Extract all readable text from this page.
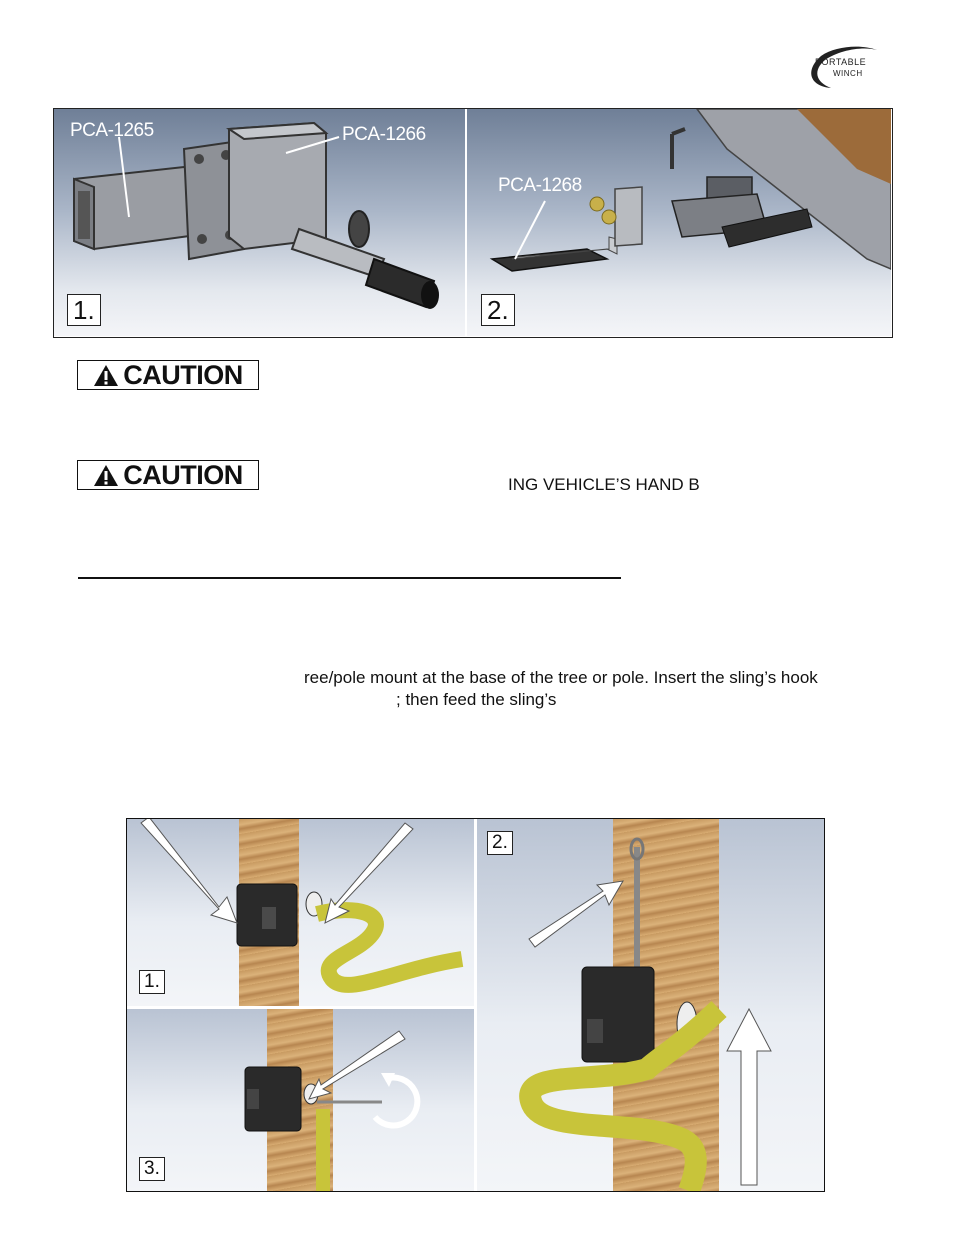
PORTABLE
WINCH
PCA-1265	PCA-1266
1.
PCA-1268
2.
CAUTION
CAUTION	ING VEHICLE’S HAND B
ree/pole mount at the base of the tree or pole. Insert the sling’s hook
; then feed the sling’s
1.
3.
2.
